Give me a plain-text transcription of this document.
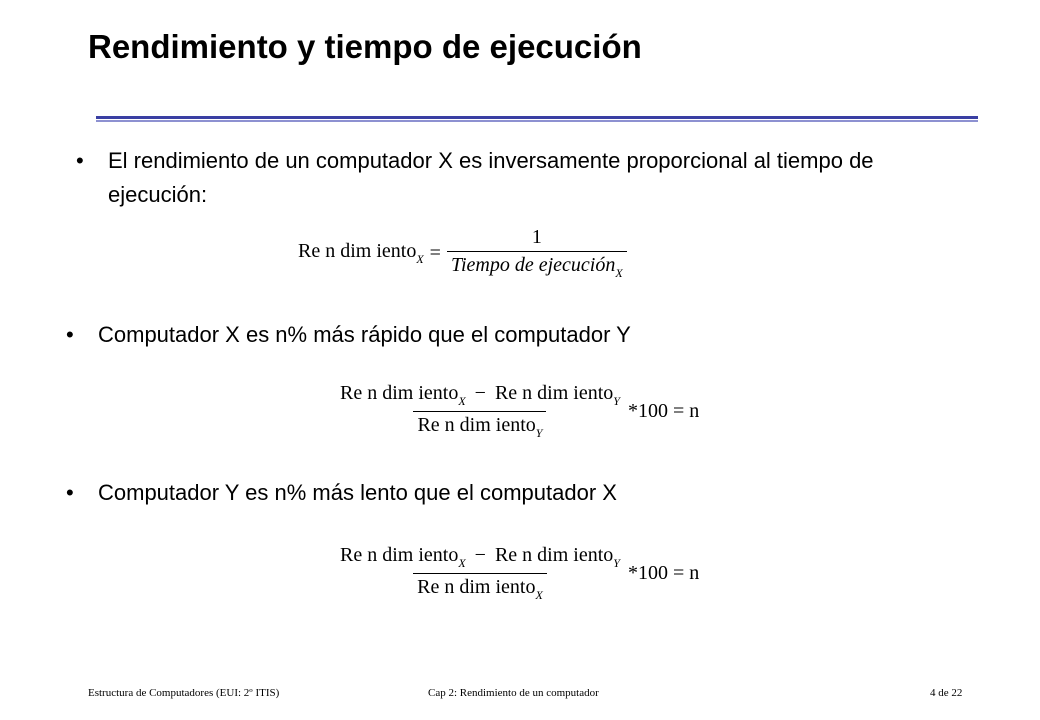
Rendimiento y tiempo de ejecución
• El rendimiento de un computador X es inversamente proporcional al tiempo de ejecución:
Re n dim iento$_X$ = $\frac{1}{Tiempo de ejecución_X}$
• Computador X es n% más rápido que el computador Y
$\frac{Re n dim iento_X - Re n dim iento_Y}{Re n dim iento_Y} *100 = n$
• Computador Y es n% más lento que el computador X
$\frac{Re n dim iento_X - Re n dim iento_Y}{Re n dim iento_X} *100 = n$
Estructura de Computadores (EUI: 2º ITIS)	Cap 2: Rendimiento de un computador	4 de 22
